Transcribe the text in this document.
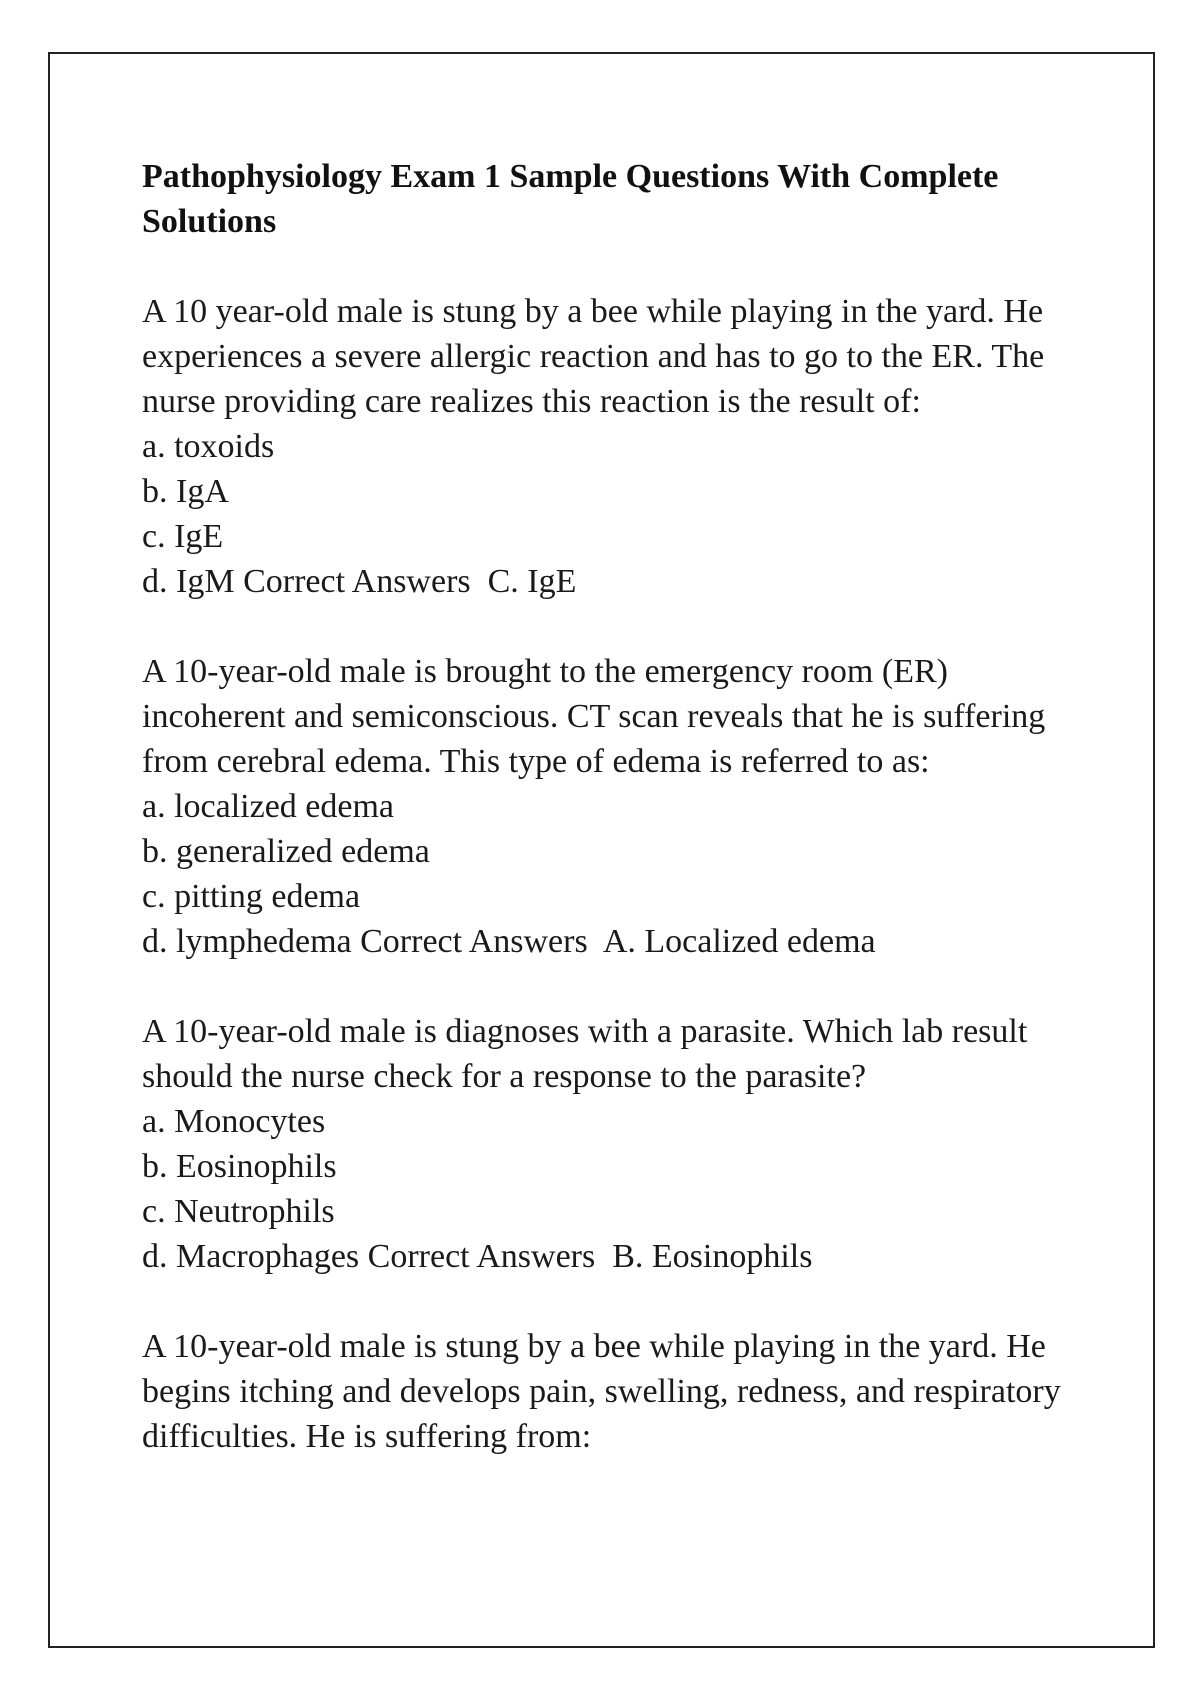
Pathophysiology Exam 1 Sample Questions With Complete Solutions

A 10 year-old male is stung by a bee while playing in the yard. He experiences a severe allergic reaction and has to go to the ER. The nurse providing care realizes this reaction is the result of:

a. toxoids
b. IgA
c. IgE
d. IgM Correct Answers C. IgE

A 10-year-old male is brought to the emergency room (ER) incoherent and semiconscious. CT scan reveals that he is suffering from cerebral edema. This type of edema is referred to as:

a. localized edema
b. generalized edema
c. pitting edema
d. lymphedema Correct Answers A. Localized edema

A 10-year-old male is diagnoses with a parasite. Which lab result should the nurse check for a response to the parasite?

a. Monocytes
b. Eosinophils
c. Neutrophils
d. Macrophages Correct Answers B. Eosinophils

A 10-year-old male is stung by a bee while playing in the yard. He begins itching and develops pain, swelling, redness, and respiratory difficulties. He is suffering from:
